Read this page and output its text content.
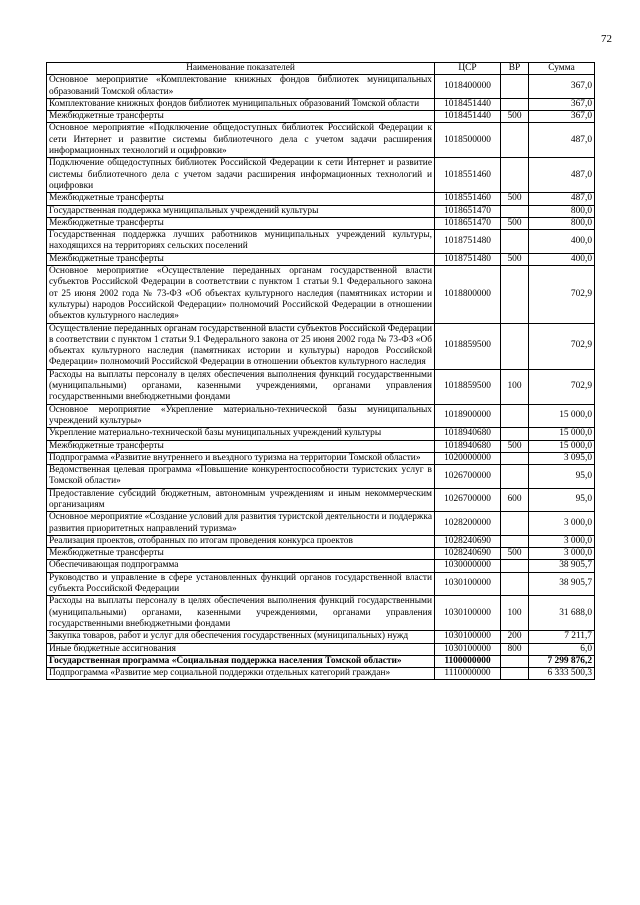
72
Наименование показателей	ЦСР	ВР	Сумма
Основное мероприятие «Комплектование книжных фондов библиотек муниципальных образований Томской области»	1018400000		367,0
Комплектование книжных фондов библиотек муниципальных образований Томской области	1018451440		367,0
Межбюджетные трансферты	1018451440	500	367,0
Основное мероприятие «Подключение общедоступных библиотек Российской Федерации к сети Интернет и развитие системы библиотечного дела с учетом задачи расширения информационных технологий и оцифровки»	1018500000		487,0
Подключение общедоступных библиотек Российской Федерации к сети Интернет и развитие системы библиотечного дела с учетом задачи расширения информационных технологий и оцифровки	1018551460		487,0
Межбюджетные трансферты	1018551460	500	487,0
Государственная поддержка муниципальных учреждений культуры	1018651470		800,0
Межбюджетные трансферты	1018651470	500	800,0
Государственная поддержка лучших работников муниципальных учреждений культуры, находящихся на территориях сельских поселений	1018751480		400,0
Межбюджетные трансферты	1018751480	500	400,0
Основное мероприятие «Осуществление переданных органам государственной власти субъектов Российской Федерации в соответствии с пунктом 1 статьи 9.1 Федерального закона от 25 июня 2002 года № 73-ФЗ «Об объектах культурного наследия (памятниках истории и культуры) народов Российской Федерации» полномочий Российской Федерации в отношении объектов культурного наследия»	1018800000		702,9
Осуществление переданных органам государственной власти субъектов Российской Федерации в соответствии с пунктом 1 статьи 9.1 Федерального закона от 25 июня 2002 года № 73-ФЗ «Об объектах культурного наследия (памятниках истории и культуры) народов Российской Федерации» полномочий Российской Федерации в отношении объектов культурного наследия	1018859500		702,9
Расходы на выплаты персоналу в целях обеспечения выполнения функций государственными (муниципальными) органами, казенными учреждениями, органами управления государственными внебюджетными фондами	1018859500	100	702,9
Основное мероприятие «Укрепление материально-технической базы муниципальных учреждений культуры»	1018900000		15 000,0
Укрепление материально-технической базы муниципальных учреждений культуры	1018940680		15 000,0
Межбюджетные трансферты	1018940680	500	15 000,0
Подпрограмма «Развитие внутреннего и въездного туризма на территории Томской области»	1020000000		3 095,0
Ведомственная целевая программа «Повышение конкурентоспособности туристских услуг в Томской области»	1026700000		95,0
Предоставление субсидий бюджетным, автономным учреждениям и иным некоммерческим организациям	1026700000	600	95,0
Основное мероприятие «Создание условий для развития туристской деятельности и поддержка развития приоритетных направлений туризма»	1028200000		3 000,0
Реализация проектов, отобранных по итогам проведения конкурса проектов	1028240690		3 000,0
Межбюджетные трансферты	1028240690	500	3 000,0
Обеспечивающая подпрограмма	1030000000		38 905,7
Руководство и управление в сфере установленных функций органов государственной власти субъекта Российской Федерации	1030100000		38 905,7
Расходы на выплаты персоналу в целях обеспечения выполнения функций государственными (муниципальными) органами, казенными учреждениями, органами управления государственными внебюджетными фондами	1030100000	100	31 688,0
Закупка товаров, работ и услуг для обеспечения государственных (муниципальных) нужд	1030100000	200	7 211,7
Иные бюджетные ассигнования	1030100000	800	6,0
Государственная программа «Социальная поддержка населения Томской области»	1100000000		7 299 876,2
Подпрограмма «Развитие мер социальной поддержки отдельных категорий граждан»	1110000000		6 333 500,3
